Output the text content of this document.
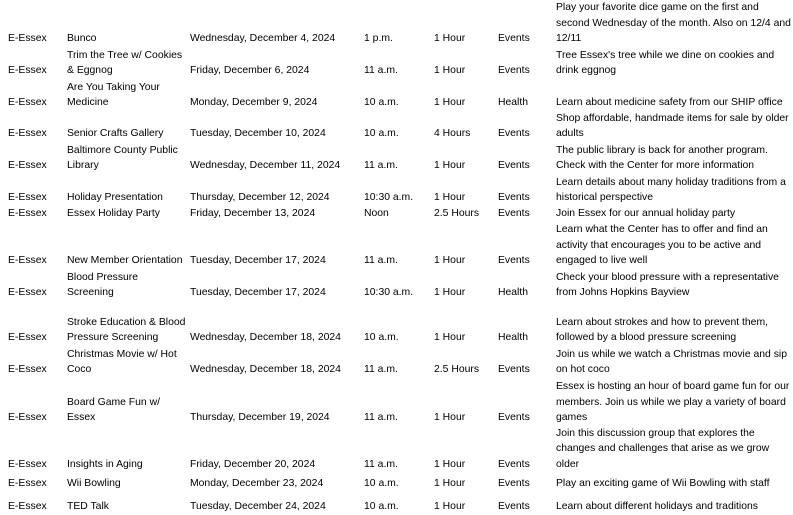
E-Essex	Bunco	Wednesday, December 4, 2024	1 p.m.	1 Hour	Events	Play your favorite dice game on the first and second Wednesday of the month. Also on 12/4 and 12/11
E-Essex	Trim the Tree w/ Cookies & Eggnog	Friday, December 6, 2024	11 a.m.	1 Hour	Events	Tree Essex's tree while we dine on cookies and drink eggnog
E-Essex	Are You Taking Your Medicine	Monday, December 9, 2024	10 a.m.	1 Hour	Health	Learn about medicine safety from our SHIP office
E-Essex	Senior Crafts Gallery	Tuesday, December 10, 2024	10 a.m.	4 Hours	Events	Shop affordable, handmade items for sale by older adults
E-Essex	Baltimore County Public Library	Wednesday, December 11, 2024	11 a.m.	1 Hour	Events	The public library is back for another program. Check with the Center for more information
E-Essex	Holiday Presentation	Thursday, December 12, 2024	10:30 a.m.	1 Hour	Events	Learn details about many holiday traditions from a historical perspective
E-Essex	Essex Holiday Party	Friday, December 13, 2024	Noon	2.5 Hours	Events	Join Essex for our annual holiday party
E-Essex	New Member Orientation	Tuesday, December 17, 2024	11 a.m.	1 Hour	Events	Learn what the Center has to offer and find an activity that encourages you to be active and engaged to live well
E-Essex	Blood Pressure Screening	Tuesday, December 17, 2024	10:30 a.m.	1 Hour	Health	Check your blood pressure with a representative from Johns Hopkins Bayview
E-Essex	Stroke Education & Blood Pressure Screening	Wednesday, December 18, 2024	10 a.m.	1 Hour	Health	Learn about strokes and how to prevent them, followed by a blood pressure screening
E-Essex	Christmas Movie w/ Hot Coco	Wednesday, December 18, 2024	11 a.m.	2.5 Hours	Events	Join us while we watch a Christmas movie and sip on hot coco
E-Essex	Board Game Fun w/ Essex	Thursday, December 19, 2024	11 a.m.	1 Hour	Events	Essex is hosting an hour of board game fun for our members. Join us while we play a variety of board games
E-Essex	Insights in Aging	Friday, December 20, 2024	11 a.m.	1 Hour	Events	Join this discussion group that explores the changes and challenges that arise as we grow older
E-Essex	Wii Bowling	Monday, December 23, 2024	10 a.m.	1 Hour	Events	Play an exciting game of Wii Bowling with staff
E-Essex	TED Talk	Tuesday, December 24, 2024	10 a.m.	1 Hour	Events	Learn about different holidays and traditions
